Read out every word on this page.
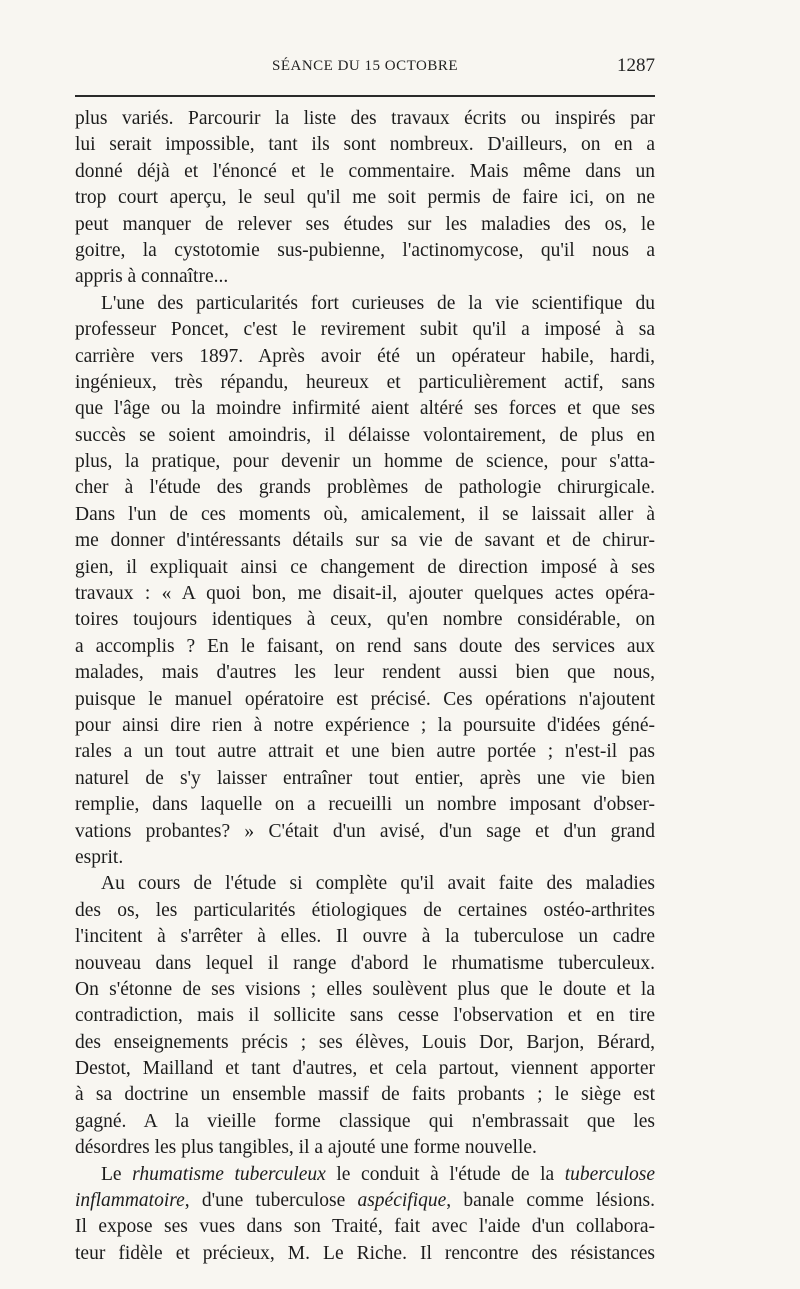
SÉANCE DU 15 OCTOBRE	1287
plus variés. Parcourir la liste des travaux écrits ou inspirés par
lui serait impossible, tant ils sont nombreux. D'ailleurs, on en a
donné déjà et l'énoncé et le commentaire. Mais même dans un
trop court aperçu, le seul qu'il me soit permis de faire ici, on ne
peut manquer de relever ses études sur les maladies des os, le
goitre, la cystotomie sus-pubienne, l'actinomycose, qu'il nous a
appris à connaître...
L'une des particularités fort curieuses de la vie scientifique du
professeur Poncet, c'est le revirement subit qu'il a imposé à sa
carrière vers 1897. Après avoir été un opérateur habile, hardi,
ingénieux, très répandu, heureux et particulièrement actif, sans
que l'âge ou la moindre infirmité aient altéré ses forces et que ses
succès se soient amoindris, il délaisse volontairement, de plus en
plus, la pratique, pour devenir un homme de science, pour s'atta-
cher à l'étude des grands problèmes de pathologie chirurgicale.
Dans l'un de ces moments où, amicalement, il se laissait aller à
me donner d'intéressants détails sur sa vie de savant et de chirur-
gien, il expliquait ainsi ce changement de direction imposé à ses
travaux : « A quoi bon, me disait-il, ajouter quelques actes opéra-
toires toujours identiques à ceux, qu'en nombre considérable, on
a accomplis ? En le faisant, on rend sans doute des services aux
malades, mais d'autres les leur rendent aussi bien que nous,
puisque le manuel opératoire est précisé. Ces opérations n'ajoutent
pour ainsi dire rien à notre expérience ; la poursuite d'idées géné-
rales a un tout autre attrait et une bien autre portée ; n'est-il pas
naturel de s'y laisser entraîner tout entier, après une vie bien
remplie, dans laquelle on a recueilli un nombre imposant d'obser-
vations probantes? » C'était d'un avisé, d'un sage et d'un grand
esprit.
Au cours de l'étude si complète qu'il avait faite des maladies
des os, les particularités étiologiques de certaines ostéo-arthrites
l'incitent à s'arrêter à elles. Il ouvre à la tuberculose un cadre
nouveau dans lequel il range d'abord le rhumatisme tuberculeux.
On s'étonne de ses visions ; elles soulèvent plus que le doute et la
contradiction, mais il sollicite sans cesse l'observation et en tire
des enseignements précis ; ses élèves, Louis Dor, Barjon, Bérard,
Destot, Mailland et tant d'autres, et cela partout, viennent apporter
à sa doctrine un ensemble massif de faits probants ; le siège est
gagné. A la vieille forme classique qui n'embrassait que les
désordres les plus tangibles, il a ajouté une forme nouvelle.
Le rhumatisme tuberculeux le conduit à l'étude de la tuberculose
inflammatoire, d'une tuberculose aspécifique, banale comme lésions.
Il expose ses vues dans son Traité, fait avec l'aide d'un collabora-
teur fidèle et précieux, M. Le Riche. Il rencontre des résistances
